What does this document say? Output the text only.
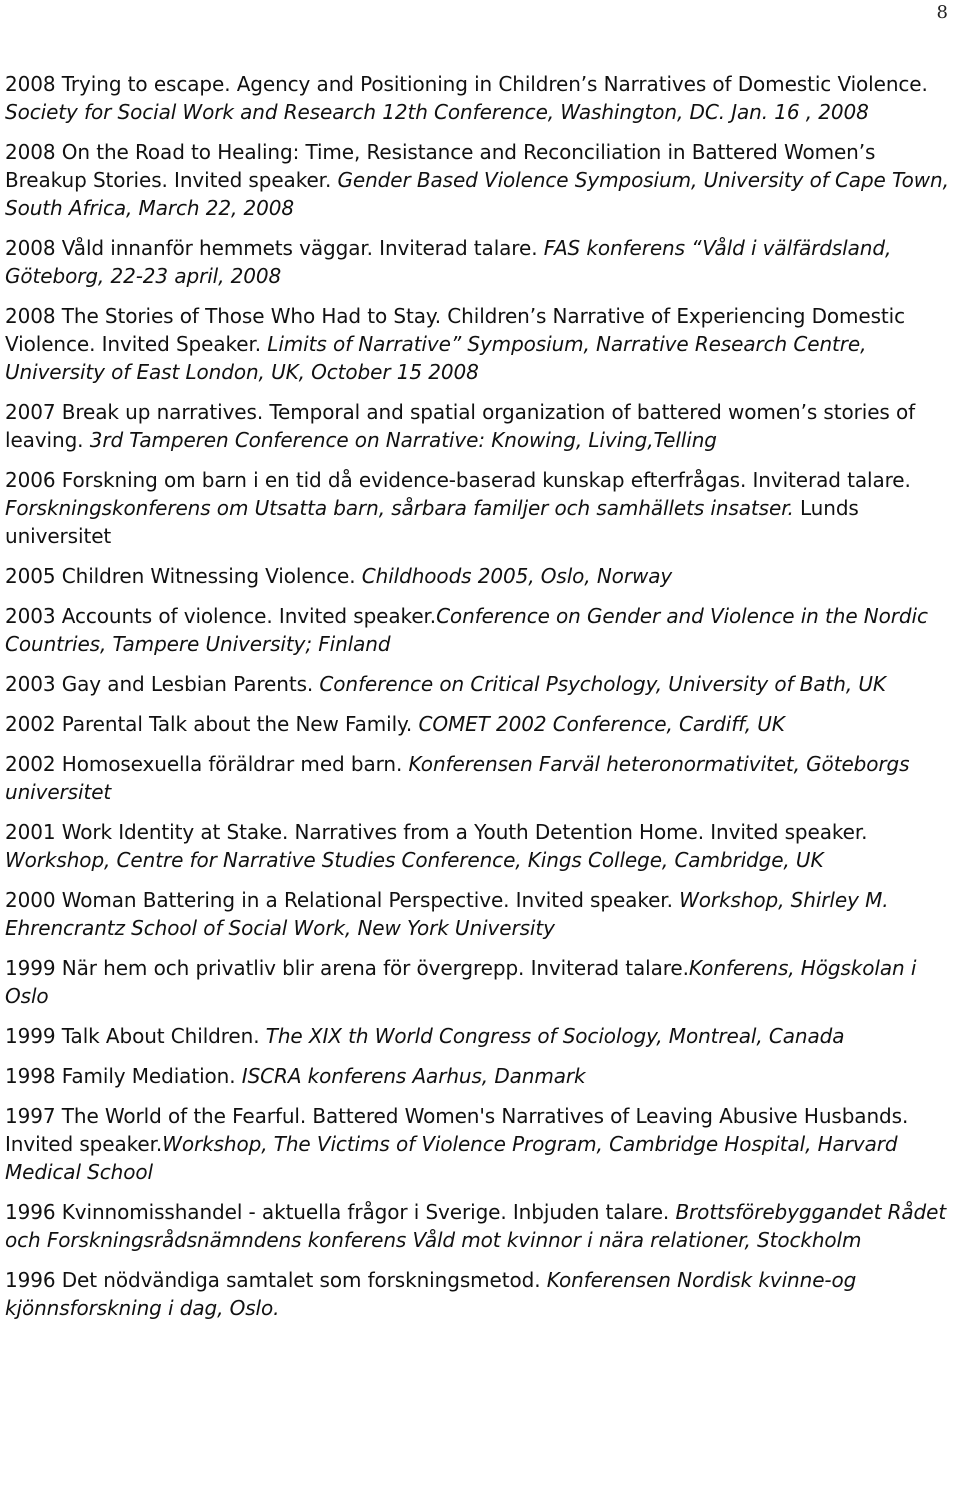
8

2008 Trying to escape. Agency and Positioning in Children’s Narratives of Domestic Violence. Society for Social Work and Research 12th Conference, Washington, DC. Jan. 16 , 2008

2008 On the Road to Healing: Time, Resistance and Reconciliation in Battered Women’s Breakup Stories. Invited speaker. Gender Based Violence Symposium, University of Cape Town, South Africa, March 22, 2008

2008 Våld innanför hemmets väggar. Inviterad talare. FAS konferens “Våld i välfärdsland, Göteborg, 22-23 april, 2008

2008 The Stories of Those Who Had to Stay. Children’s Narrative of Experiencing Domestic Violence. Invited Speaker. Limits of Narrative” Symposium, Narrative Research Centre, University of East London, UK, October 15 2008

2007 Break up narratives. Temporal and spatial organization of battered women’s stories of leaving. 3rd Tamperen Conference on Narrative: Knowing, Living,Telling

2006 Forskning om barn i en tid då evidence-baserad kunskap efterfrågas. Inviterad talare. Forskningskonferens om Utsatta barn, sårbara familjer och samhällets insatser. Lunds universitet

2005 Children Witnessing Violence. Childhoods 2005, Oslo, Norway

2003 Accounts of violence. Invited speaker.Conference on Gender and Violence in the Nordic Countries, Tampere University; Finland

2003 Gay and Lesbian Parents. Conference on Critical Psychology, University of Bath, UK

2002 Parental Talk about the New Family. COMET 2002 Conference, Cardiff, UK

2002 Homosexuella föräldrar med barn. Konferensen Farväl heteronormativitet, Göteborgs universitet

2001 Work Identity at Stake. Narratives from a Youth Detention Home. Invited speaker. Workshop, Centre for Narrative Studies Conference, Kings College, Cambridge, UK

2000 Woman Battering in a Relational Perspective. Invited speaker. Workshop, Shirley M. Ehrencrantz School of Social Work, New York University

1999 När hem och privatliv blir arena för övergrepp. Inviterad talare.Konferens, Högskolan i Oslo

1999 Talk About Children. The XIX th World Congress of Sociology, Montreal, Canada

1998 Family Mediation. ISCRA konferens Aarhus, Danmark

1997 The World of the Fearful. Battered Women's Narratives of Leaving Abusive Husbands. Invited speaker.Workshop, The Victims of Violence Program, Cambridge Hospital, Harvard Medical School

1996 Kvinnomisshandel - aktuella frågor i Sverige. Inbjuden talare. Brottsförebyggandet Rådet och Forskningsrådsnämndens konferens Våld mot kvinnor i nära relationer, Stockholm

1996 Det nödvändiga samtalet som forskningsmetod. Konferensen Nordisk kvinne-og kjönnsforskning i dag, Oslo.
